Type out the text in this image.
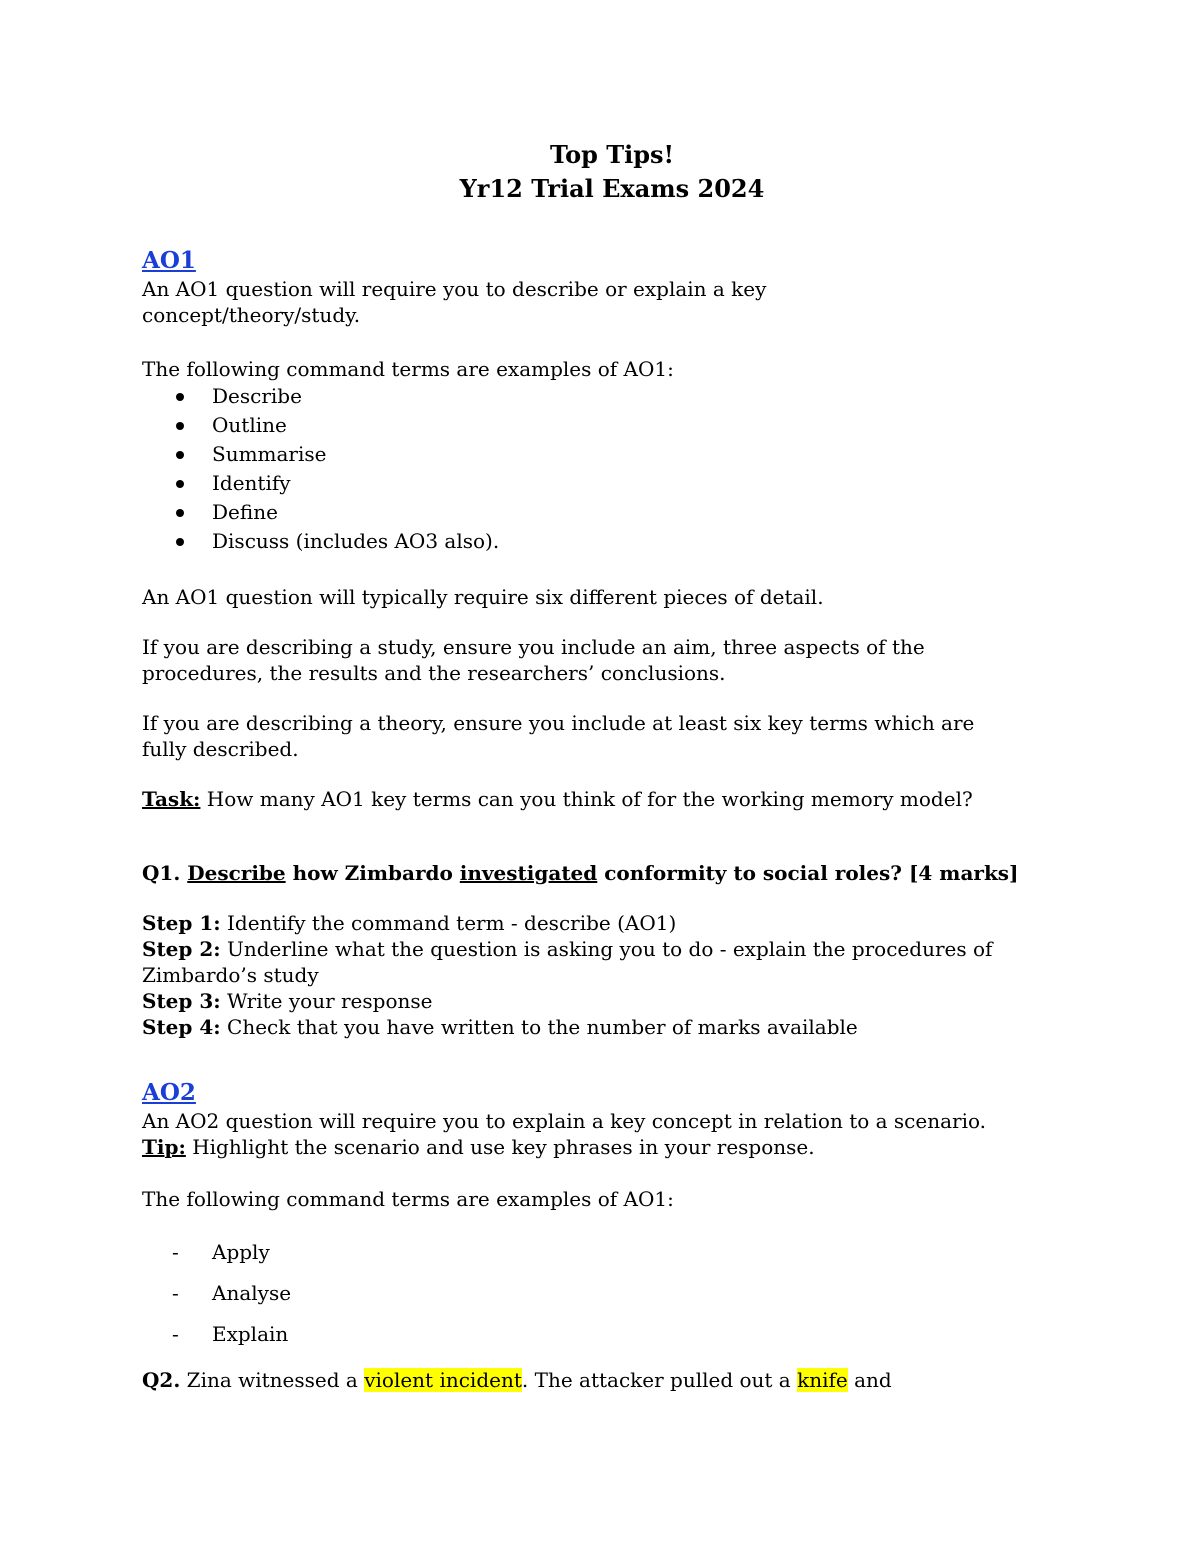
Top Tips!

Yr12 Trial Exams 2024

AO1

An AO1 question will require you to describe or explain a key

concept/theory/study.

The following command terms are examples of AO1:

Describe
Outline
Summarise
Identify
Define
Discuss (includes AO3 also).

An AO1 question will typically require six different pieces of detail.

If you are describing a study, ensure you include an aim, three aspects of the

procedures, the results and the researchers’ conclusions.

If you are describing a theory, ensure you include at least six key terms which are

fully described.

Task: How many AO1 key terms can you think of for the working memory model?

Q1. Describe how Zimbardo investigated conformity to social roles? [4 marks]

Step 1: Identify the command term - describe (AO1)

Step 2: Underline what the question is asking you to do - explain the procedures of

Zimbardo’s study

Step 3: Write your response

Step 4: Check that you have written to the number of marks available

AO2

An AO2 question will require you to explain a key concept in relation to a scenario.

Tip: Highlight the scenario and use key phrases in your response.

The following command terms are examples of AO1:

- Apply
- Analyse
- Explain

Q2. Zina witnessed a violent incident. The attacker pulled out a knife and
